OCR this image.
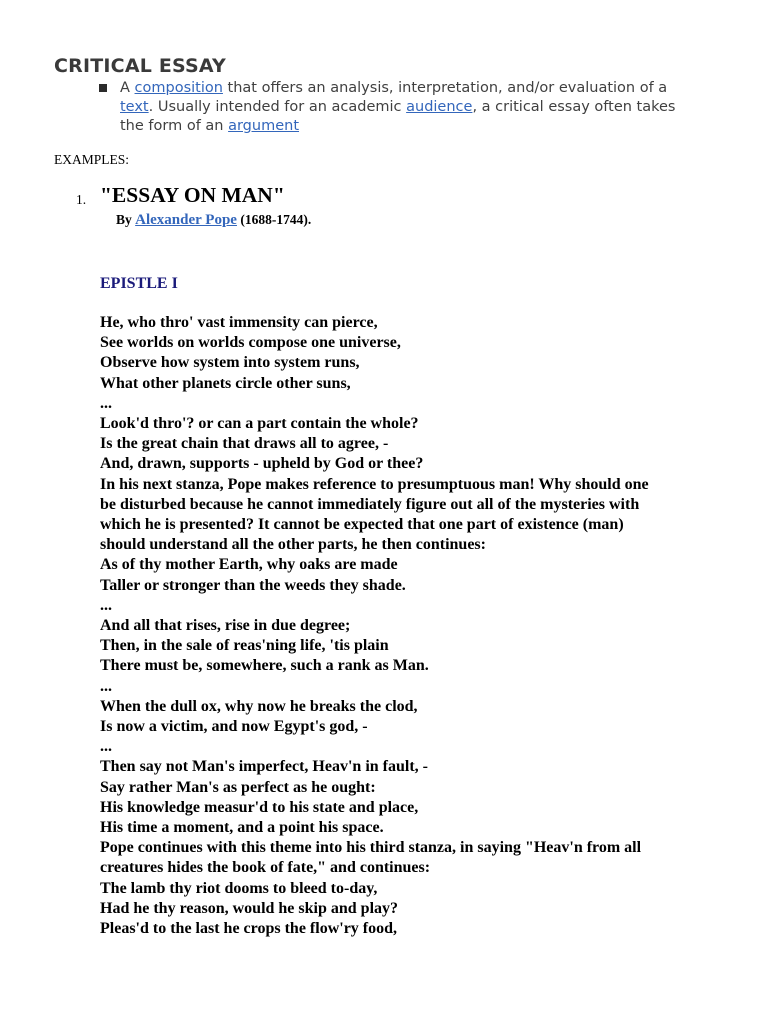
CRITICAL ESSAY
A composition that offers an analysis, interpretation, and/or evaluation of a
text. Usually intended for an academic audience, a critical essay often takes
the form of an argument
EXAMPLES:
1. "ESSAY ON MAN"
By Alexander Pope (1688-1744).
EPISTLE I
He, who thro' vast immensity can pierce,
See worlds on worlds compose one universe,
Observe how system into system runs,
What other planets circle other suns,
...
Look'd thro'? or can a part contain the whole?
Is the great chain that draws all to agree, -
And, drawn, supports - upheld by God or thee?
In his next stanza, Pope makes reference to presumptuous man! Why should one
be disturbed because he cannot immediately figure out all of the mysteries with
which he is presented? It cannot be expected that one part of existence (man)
should understand all the other parts, he then continues:
As of thy mother Earth, why oaks are made
Taller or stronger than the weeds they shade.
...
And all that rises, rise in due degree;
Then, in the sale of reas'ning life, 'tis plain
There must be, somewhere, such a rank as Man.
...
When the dull ox, why now he breaks the clod,
Is now a victim, and now Egypt's god, -
...
Then say not Man's imperfect, Heav'n in fault, -
Say rather Man's as perfect as he ought:
His knowledge measur'd to his state and place,
His time a moment, and a point his space.
Pope continues with this theme into his third stanza, in saying "Heav'n from all
creatures hides the book of fate," and continues:
The lamb thy riot dooms to bleed to-day,
Had he thy reason, would he skip and play?
Pleas'd to the last he crops the flow'ry food,
